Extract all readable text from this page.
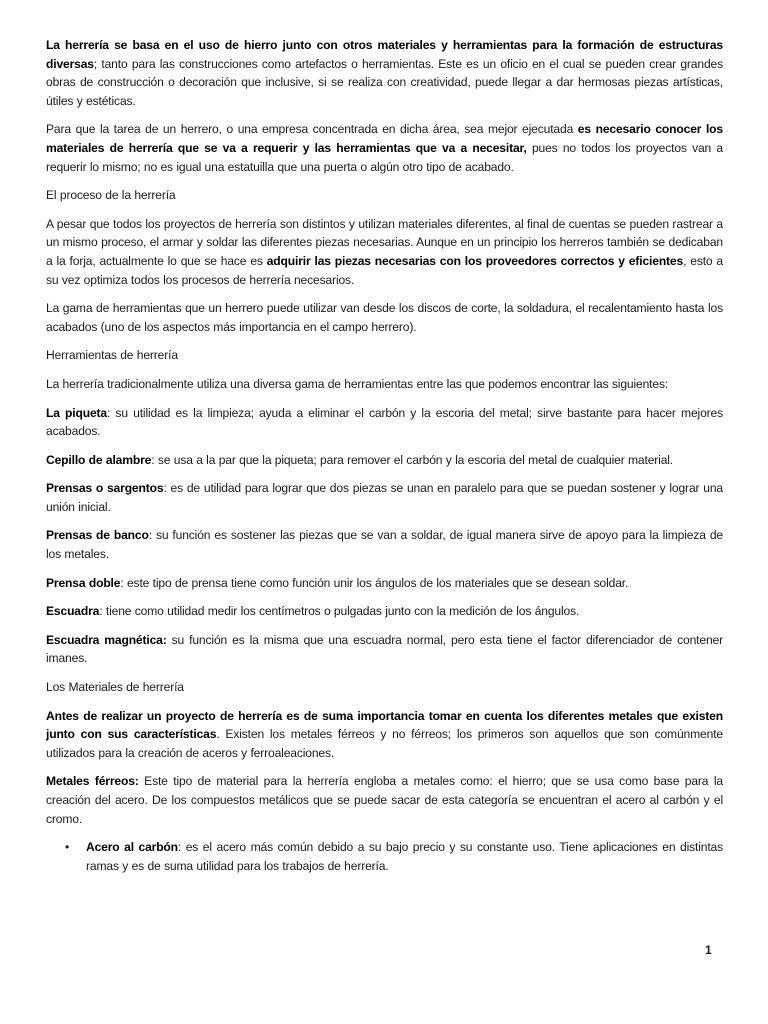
La herrería se basa en el uso de hierro junto con otros materiales y herramientas para la formación de estructuras diversas; tanto para las construcciones como artefactos o herramientas. Este es un oficio en el cual se pueden crear grandes obras de construcción o decoración que inclusive, si se realiza con creatividad, puede llegar a dar hermosas piezas artísticas, útiles y estéticas.

Para que la tarea de un herrero, o una empresa concentrada en dicha área, sea mejor ejecutada es necesario conocer los materiales de herrería que se va a requerir y las herramientas que va a necesitar, pues no todos los proyectos van a requerir lo mismo; no es igual una estatuilla que una puerta o algún otro tipo de acabado.

El proceso de la herrería

A pesar que todos los proyectos de herrería son distintos y utilizan materiales diferentes, al final de cuentas se pueden rastrear a un mismo proceso, el armar y soldar las diferentes piezas necesarias. Aunque en un principio los herreros también se dedicaban a la forja, actualmente lo que se hace es adquirir las piezas necesarias con los proveedores correctos y eficientes, esto a su vez optimiza todos los procesos de herrería necesarios.

La gama de herramientas que un herrero puede utilizar van desde los discos de corte, la soldadura, el recalentamiento hasta los acabados (uno de los aspectos más importancia en el campo herrero).

Herramientas de herrería

La herrería tradicionalmente utiliza una diversa gama de herramientas entre las que podemos encontrar las siguientes:

La piqueta: su utilidad es la limpieza; ayuda a eliminar el carbón y la escoria del metal; sirve bastante para hacer mejores acabados.

Cepillo de alambre: se usa a la par que la piqueta; para remover el carbón y la escoria del metal de cualquier material.

Prensas o sargentos: es de utilidad para lograr que dos piezas se unan en paralelo para que se puedan sostener y lograr una unión inicial.

Prensas de banco: su función es sostener las piezas que se van a soldar, de igual manera sirve de apoyo para la limpieza de los metales.

Prensa doble: este tipo de prensa tiene como función unir los ángulos de los materiales que se desean soldar.

Escuadra: tiene como utilidad medir los centímetros o pulgadas junto con la medición de los ángulos.

Escuadra magnética: su función es la misma que una escuadra normal, pero esta tiene el factor diferenciador de contener imanes.

Los Materiales de herrería

Antes de realizar un proyecto de herrería es de suma importancia tomar en cuenta los diferentes metales que existen junto con sus características. Existen los metales férreos y no férreos; los primeros son aquellos que son comúnmente utilizados para la creación de aceros y ferroaleaciones.

Metales férreos: Este tipo de material para la herrería engloba a metales como: el hierro; que se usa como base para la creación del acero. De los compuestos metálicos que se puede sacar de esta categoría se encuentran el acero al carbón y el cromo.

• Acero al carbón: es el acero más común debido a su bajo precio y su constante uso. Tiene aplicaciones en distintas ramas y es de suma utilidad para los trabajos de herrería.

1
